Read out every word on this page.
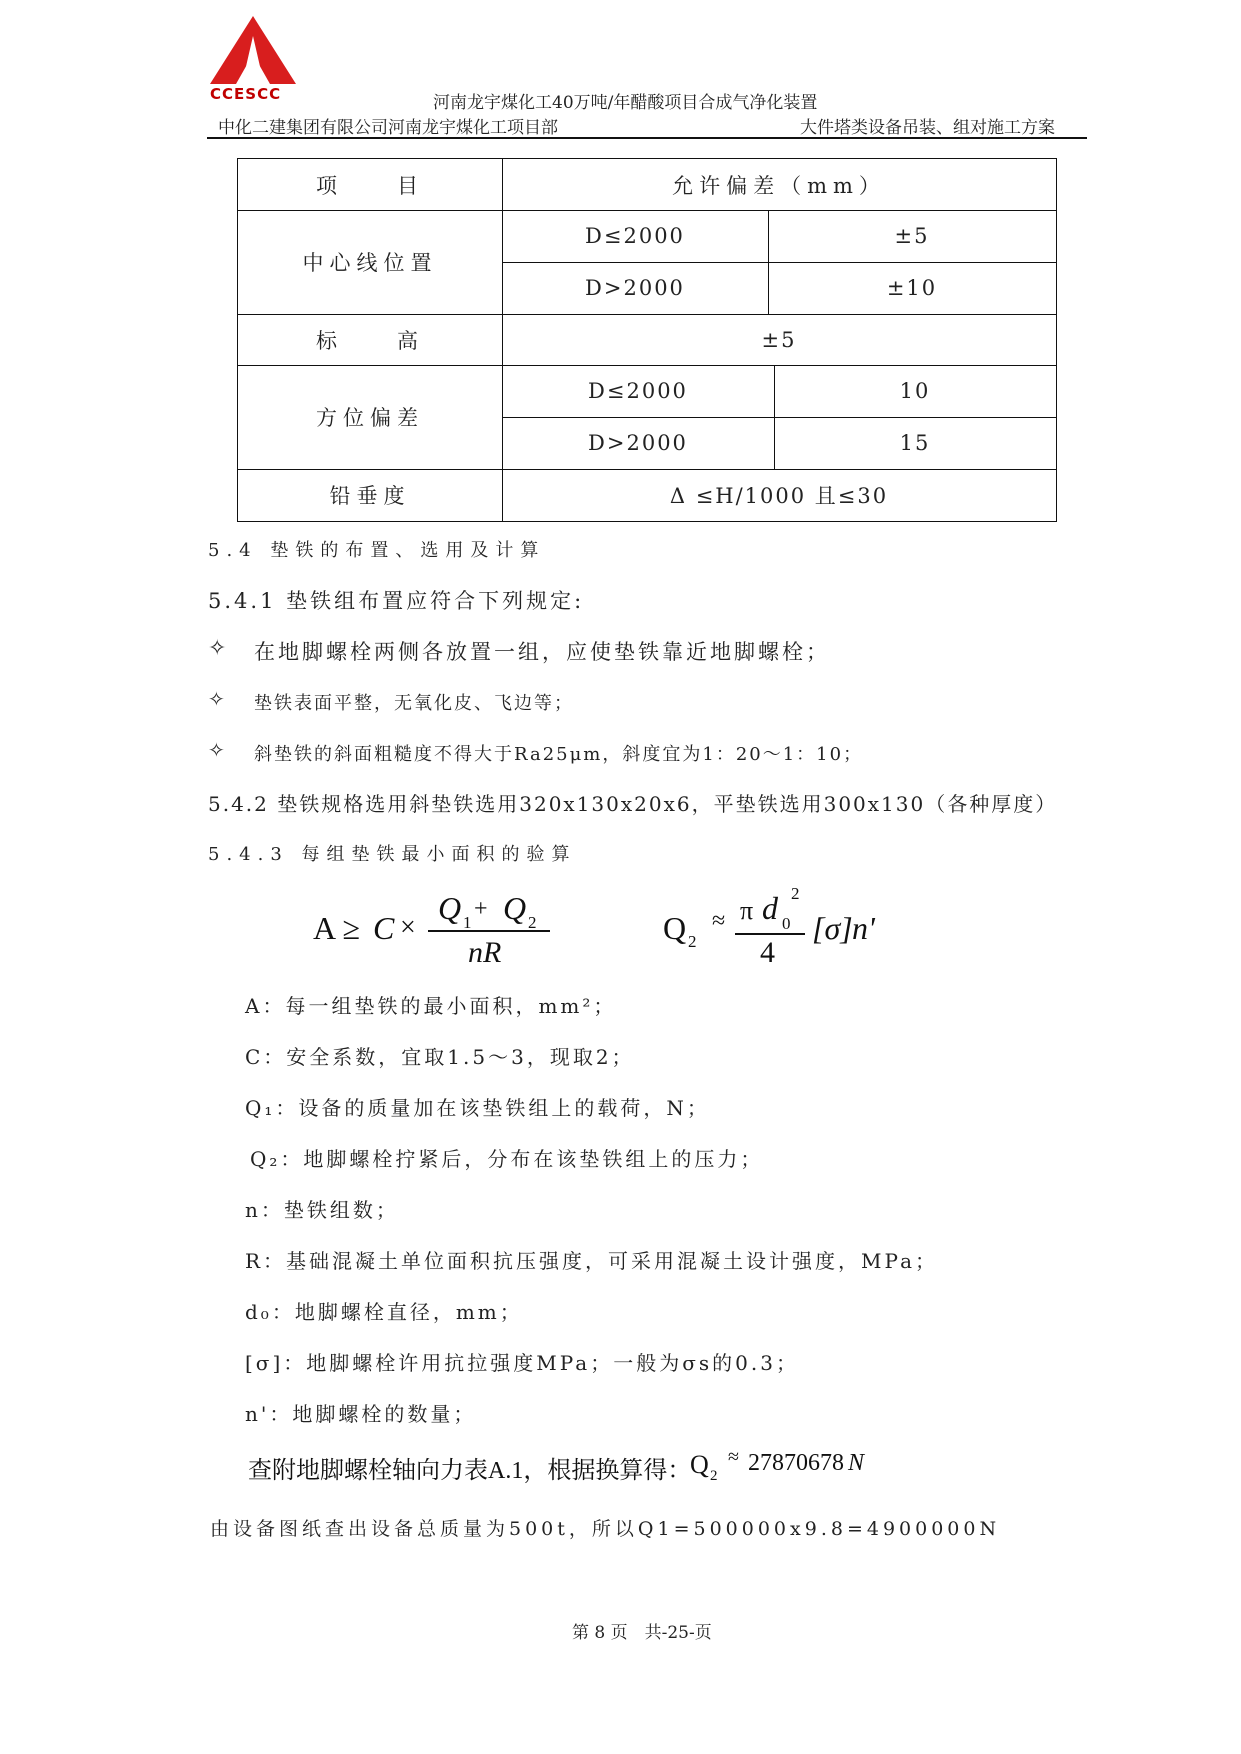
CCESCC	河南龙宇煤化工40万吨/年醋酸项目合成气净化装置
中化二建集团有限公司河南龙宇煤化工项目部	大件塔类设备吊装、组对施工方案
项　　目	允许偏差（mm）
中心线位置
D≤2000	±5
D>2000	±10
标　　高	±5
方位偏差
D≤2000	10
D>2000	15
铅垂度	Δ ≤H/1000 且≤30
5.4 垫铁的布置、选用及计算
5.4.1 垫铁组布置应符合下列规定:
✧ 在地脚螺栓两侧各放置一组，应使垫铁靠近地脚螺栓；
✧ 垫铁表面平整，无氧化皮、飞边等；
✧ 斜垫铁的斜面粗糙度不得大于Ra25μm，斜度宜为1：20～1：10；
5.4.2 垫铁规格选用斜垫铁选用320x130x20x6，平垫铁选用300x130（各种厚度）
5.4.3 每组垫铁最小面积的验算
A ≥ C ×
Q 1
+ Q 2
nR
Q 2
≈ π d 0
2
4
[σ] n'
A：每一组垫铁的最小面积，mm²；
C：安全系数，宜取1.5～3，现取2；
Q₁：设备的质量加在该垫铁组上的载荷，N；
Q₂：地脚螺栓拧紧后，分布在该垫铁组上的压力；
n：垫铁组数；
R：基础混凝土单位面积抗压强度，可采用混凝土设计强度，MPa；
d₀：地脚螺栓直径，mm；
[σ]：地脚螺栓许用抗拉强度MPa；一般为σs的0.3；
n'：地脚螺栓的数量；
查附地脚螺栓轴向力表A.1，根据换算得：
Q 2
≈ 27870678 N
由设备图纸查出设备总质量为500t，所以Q1=500000x9.8=4900000N
第 8 页　共-25-页
